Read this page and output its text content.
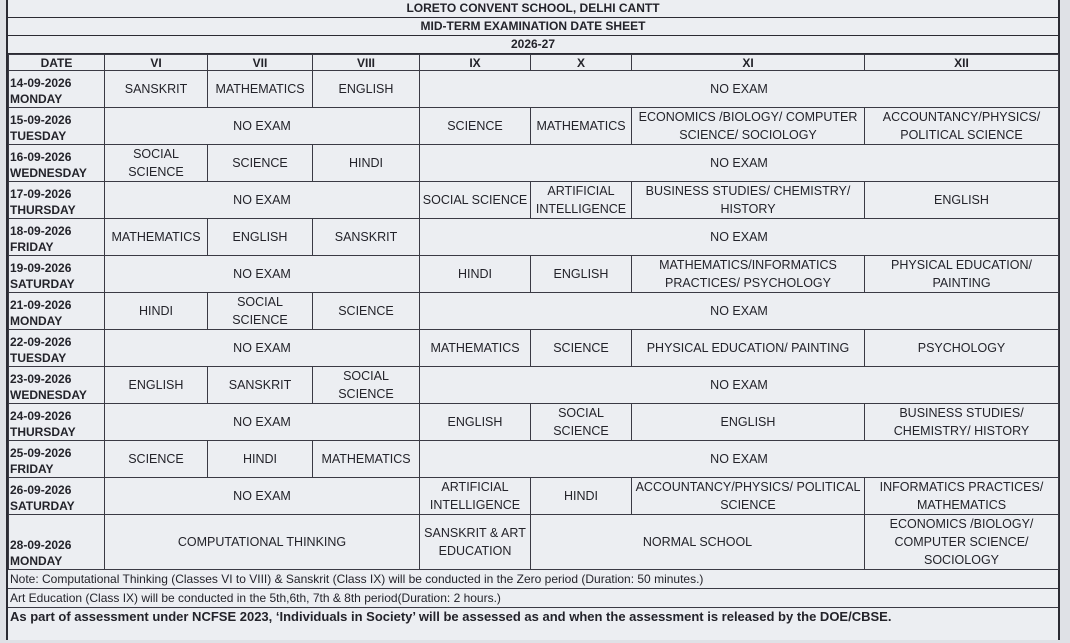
LORETO CONVENT SCHOOL, DELHI CANTT
MID-TERM EXAMINATION DATE SHEET
2026-27
DATE	VI	VII	VIII	IX	X	XI	XII

14-09-2026
MONDAY	SANSKRIT	MATHEMATICS	ENGLISH	NO EXAM			

15-09-2026
TUESDAY	NO EXAM			SCIENCE	MATHEMATICS	ECONOMICS /BIOLOGY/ COMPUTER SCIENCE/ SOCIOLOGY	ACCOUNTANCY/PHYSICS/ POLITICAL SCIENCE

16-09-2026
WEDNESDAY	SOCIAL SCIENCE	SCIENCE	HINDI	NO EXAM			

17-09-2026
THURSDAY	NO EXAM			SOCIAL SCIENCE	ARTIFICIAL INTELLIGENCE	BUSINESS STUDIES/ CHEMISTRY/ HISTORY	ENGLISH

18-09-2026
FRIDAY	MATHEMATICS	ENGLISH	SANSKRIT	NO EXAM			

19-09-2026
SATURDAY	NO EXAM			HINDI	ENGLISH	MATHEMATICS/INFORMATICS PRACTICES/ PSYCHOLOGY	PHYSICAL EDUCATION/ PAINTING

21-09-2026
MONDAY	HINDI	SOCIAL SCIENCE	SCIENCE	NO EXAM			

22-09-2026
TUESDAY	NO EXAM			MATHEMATICS	SCIENCE	PHYSICAL EDUCATION/ PAINTING	PSYCHOLOGY

23-09-2026
WEDNESDAY	ENGLISH	SANSKRIT	SOCIAL SCIENCE	NO EXAM			

24-09-2026
THURSDAY	NO EXAM			ENGLISH	SOCIAL SCIENCE	ENGLISH	BUSINESS STUDIES/ CHEMISTRY/ HISTORY

25-09-2026
FRIDAY	SCIENCE	HINDI	MATHEMATICS	NO EXAM			

26-09-2026
SATURDAY	NO EXAM			ARTIFICIAL INTELLIGENCE	HINDI	ACCOUNTANCY/PHYSICS/ POLITICAL SCIENCE	INFORMATICS PRACTICES/ MATHEMATICS

28-09-2026
MONDAY	COMPUTATIONAL THINKING			SANSKRIT & ART EDUCATION	NORMAL SCHOOL		ECONOMICS /BIOLOGY/ COMPUTER SCIENCE/ SOCIOLOGY
Note: Computational Thinking (Classes VI to VIII) & Sanskrit (Class IX) will be conducted in the Zero period (Duration: 50 minutes.)
Art Education (Class IX) will be conducted in the 5th,6th, 7th & 8th period(Duration: 2 hours.)
As part of assessment under NCFSE 2023, ‘Individuals in Society’ will be assessed as and when the assessment is released by the DOE/CBSE.
